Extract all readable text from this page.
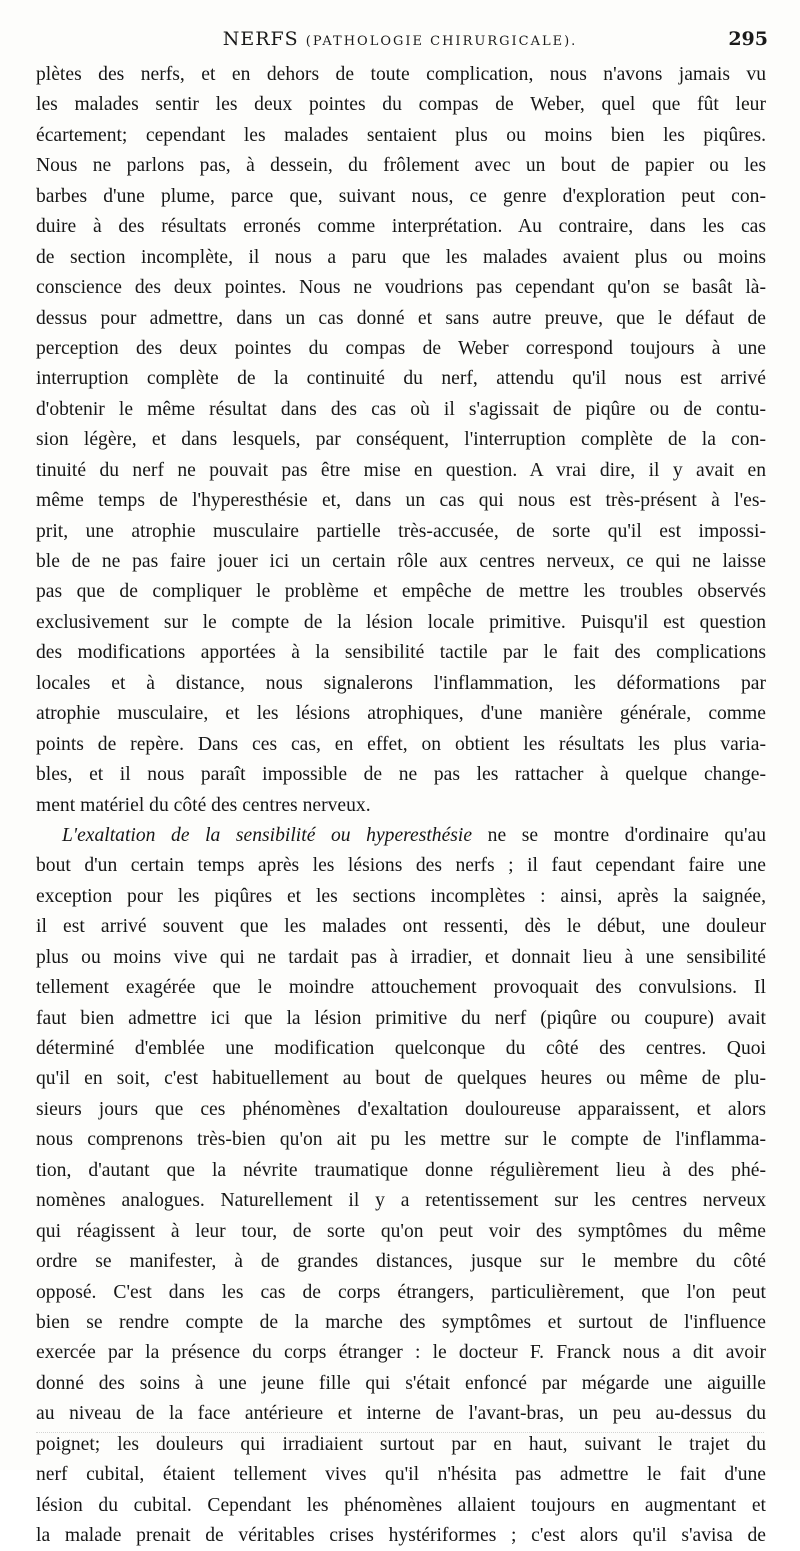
NERFS (PATHOLOGIE CHIRURGICALE).	295
plètes des nerfs, et en dehors de toute complication, nous n'avons jamais vu
les malades sentir les deux pointes du compas de Weber, quel que fût leur
écartement; cependant les malades sentaient plus ou moins bien les piqûres.
Nous ne parlons pas, à dessein, du frôlement avec un bout de papier ou les
barbes d'une plume, parce que, suivant nous, ce genre d'exploration peut con-
duire à des résultats erronés comme interprétation. Au contraire, dans les cas
de section incomplète, il nous a paru que les malades avaient plus ou moins
conscience des deux pointes. Nous ne voudrions pas cependant qu'on se basât là-
dessus pour admettre, dans un cas donné et sans autre preuve, que le défaut de
perception des deux pointes du compas de Weber correspond toujours à une
interruption complète de la continuité du nerf, attendu qu'il nous est arrivé
d'obtenir le même résultat dans des cas où il s'agissait de piqûre ou de contu-
sion légère, et dans lesquels, par conséquent, l'interruption complète de la con-
tinuité du nerf ne pouvait pas être mise en question. A vrai dire, il y avait en
même temps de l'hyperesthésie et, dans un cas qui nous est très-présent à l'es-
prit, une atrophie musculaire partielle très-accusée, de sorte qu'il est impossi-
ble de ne pas faire jouer ici un certain rôle aux centres nerveux, ce qui ne laisse
pas que de compliquer le problème et empêche de mettre les troubles observés
exclusivement sur le compte de la lésion locale primitive. Puisqu'il est question
des modifications apportées à la sensibilité tactile par le fait des complications
locales et à distance, nous signalerons l'inflammation, les déformations par
atrophie musculaire, et les lésions atrophiques, d'une manière générale, comme
points de repère. Dans ces cas, en effet, on obtient les résultats les plus varia-
bles, et il nous paraît impossible de ne pas les rattacher à quelque change-
ment matériel du côté des centres nerveux.
L'exaltation de la sensibilité ou hyperesthésie ne se montre d'ordinaire qu'au
bout d'un certain temps après les lésions des nerfs ; il faut cependant faire une
exception pour les piqûres et les sections incomplètes : ainsi, après la saignée,
il est arrivé souvent que les malades ont ressenti, dès le début, une douleur
plus ou moins vive qui ne tardait pas à irradier, et donnait lieu à une sensibilité
tellement exagérée que le moindre attouchement provoquait des convulsions. Il
faut bien admettre ici que la lésion primitive du nerf (piqûre ou coupure) avait
déterminé d'emblée une modification quelconque du côté des centres. Quoi
qu'il en soit, c'est habituellement au bout de quelques heures ou même de plu-
sieurs jours que ces phénomènes d'exaltation douloureuse apparaissent, et alors
nous comprenons très-bien qu'on ait pu les mettre sur le compte de l'inflamma-
tion, d'autant que la névrite traumatique donne régulièrement lieu à des phé-
nomènes analogues. Naturellement il y a retentissement sur les centres nerveux
qui réagissent à leur tour, de sorte qu'on peut voir des symptômes du même
ordre se manifester, à de grandes distances, jusque sur le membre du côté
opposé. C'est dans les cas de corps étrangers, particulièrement, que l'on peut
bien se rendre compte de la marche des symptômes et surtout de l'influence
exercée par la présence du corps étranger : le docteur F. Franck nous a dit avoir
donné des soins à une jeune fille qui s'était enfoncé par mégarde une aiguille
au niveau de la face antérieure et interne de l'avant-bras, un peu au-dessus du
poignet; les douleurs qui irradiaient surtout par en haut, suivant le trajet du
nerf cubital, étaient tellement vives qu'il n'hésita pas admettre le fait d'une
lésion du cubital. Cependant les phénomènes allaient toujours en augmentant et
la malade prenait de véritables crises hystériformes ; c'est alors qu'il s'avisa de
